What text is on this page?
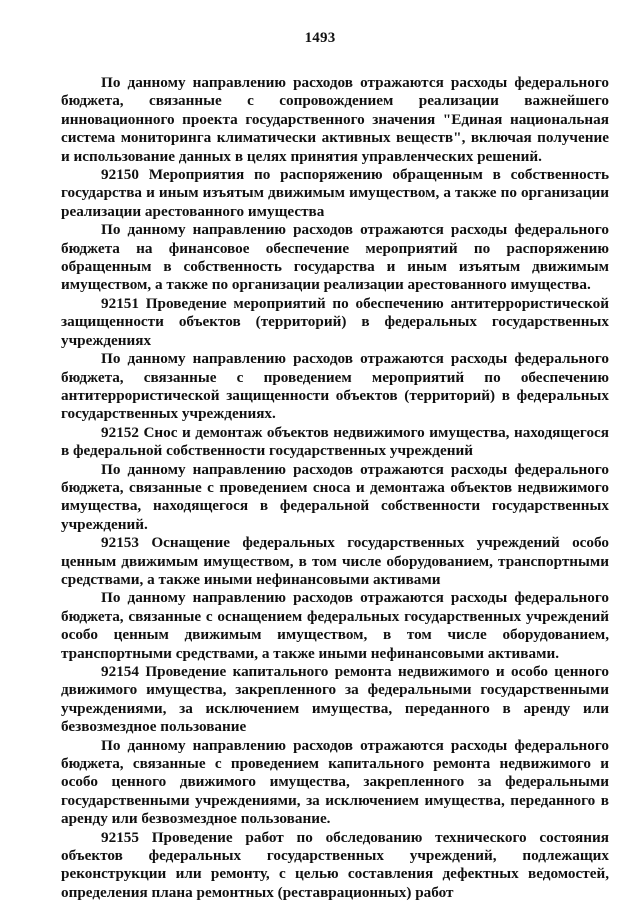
1493

По данному направлению расходов отражаются расходы федерального бюджета, связанные с сопровождением реализации важнейшего инновационного проекта государственного значения "Единая национальная система мониторинга климатически активных веществ", включая получение и использование данных в целях принятия управленческих решений.

92150 Мероприятия по распоряжению обращенным в собственность государства и иным изъятым движимым имуществом, а также по организации реализации арестованного имущества

По данному направлению расходов отражаются расходы федерального бюджета на финансовое обеспечение мероприятий по распоряжению обращенным в собственность государства и иным изъятым движимым имуществом, а также по организации реализации арестованного имущества.

92151 Проведение мероприятий по обеспечению антитеррористической защищенности объектов (территорий) в федеральных государственных учреждениях

По данному направлению расходов отражаются расходы федерального бюджета, связанные с проведением мероприятий по обеспечению антитеррористической защищенности объектов (территорий) в федеральных государственных учреждениях.

92152 Снос и демонтаж объектов недвижимого имущества, находящегося в федеральной собственности государственных учреждений

По данному направлению расходов отражаются расходы федерального бюджета, связанные с проведением сноса и демонтажа объектов недвижимого имущества, находящегося в федеральной собственности государственных учреждений.

92153 Оснащение федеральных государственных учреждений особо ценным движимым имуществом, в том числе оборудованием, транспортными средствами, а также иными нефинансовыми активами

По данному направлению расходов отражаются расходы федерального бюджета, связанные с оснащением федеральных государственных учреждений особо ценным движимым имуществом, в том числе оборудованием, транспортными средствами, а также иными нефинансовыми активами.

92154 Проведение капитального ремонта недвижимого и особо ценного движимого имущества, закрепленного за федеральными государственными учреждениями, за исключением имущества, переданного в аренду или безвозмездное пользование

По данному направлению расходов отражаются расходы федерального бюджета, связанные с проведением капитального ремонта недвижимого и особо ценного движимого имущества, закрепленного за федеральными государственными учреждениями, за исключением имущества, переданного в аренду или безвозмездное пользование.

92155 Проведение работ по обследованию технического состояния объектов федеральных государственных учреждений, подлежащих реконструкции или ремонту, с целью составления дефектных ведомостей, определения плана ремонтных (реставрационных) работ
